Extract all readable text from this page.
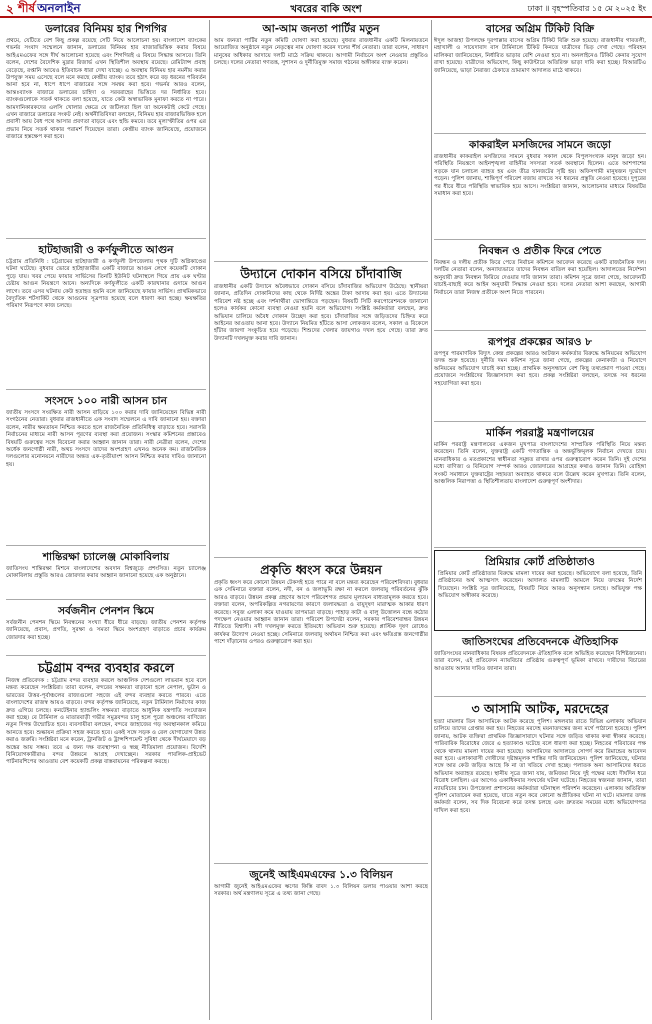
২ শীর্ষ অনলাইন	খবরের বাকি অংশ	ঢাকা ॥ বৃহস্পতিবার ১৫ মে ২০২৫ ইং
ডলারের বিনিময় হার শিগগির

প্রথমে, যেটিতে বেশ কিছু প্রকল্প রয়েছে সেটি নিয়ে আলোচনা হয়। বাংলাদেশ ব্যাংকের গভর্নর সংবাদ সম্মেলনে জানান, ডলারের বিনিময় হার বাজারভিত্তিক করার বিষয়ে আইএমএফের সঙ্গে দীর্ঘ আলোচনা হয়েছে এবং শিগগিরই এ বিষয়ে সিদ্ধান্ত আসবে। তিনি বলেন, দেশের বৈদেশিক মুদ্রার রিজার্ভ এখন স্থিতিশীল অবস্থায় রয়েছে। রেমিট্যান্স প্রবাহ বেড়েছে, রপ্তানি আয়েও ইতিবাচক ধারা দেখা যাচ্ছে। এ অবস্থায় বিনিময় হার নমনীয় করার উপযুক্ত সময় এসেছে বলে মনে করছে কেন্দ্রীয় ব্যাংক। তবে হঠাৎ করে বড় ধরনের পরিবর্তন আনা হবে না, ধাপে ধাপে বাজারের সঙ্গে সমন্বয় করা হবে। গভর্নর আরও বলেন, আন্তঃব্যাংক বাজারে ডলারের চাহিদা ও সরবরাহের ভিত্তিতে দর নির্ধারিত হবে। ব্যাংকগুলোকে সতর্ক থাকতে বলা হয়েছে, যাতে কেউ অস্বাভাবিক মুনাফা করতে না পারে। আমদানিকারকদের এলসি খোলার ক্ষেত্রে যে জটিলতা ছিল তা অনেকটাই কেটে গেছে। এখন বাজারে ডলারের সংকট নেই। অর্থনীতিবিদরা বলছেন, বিনিময় হার বাজারভিত্তিক হলে প্রবাসী আয় বৈধ পথে আসার প্রবণতা বাড়বে এবং হুন্ডি কমবে। তবে মূল্যস্ফীতির ওপর এর প্রভাব নিয়ে সতর্ক থাকার পরামর্শ দিয়েছেন তারা। কেন্দ্রীয় ব্যাংক জানিয়েছে, প্রয়োজনে বাজারে হস্তক্ষেপ করা হবে।

হাটহাজারী ও কর্ণফুলীতে আগুন

চট্টগ্রাম প্রতিনিধি : চট্টগ্রামের হাটহাজারী ও কর্ণফুলী উপজেলায় পৃথক দুটি অগ্নিকাণ্ডের ঘটনা ঘটেছে। বুধবার ভোরে হাটহাজারীর একটি বাজারে আগুন লেগে কয়েকটি দোকান পুড়ে যায়। খবর পেয়ে ফায়ার সার্ভিসের তিনটি ইউনিট ঘটনাস্থলে গিয়ে প্রায় এক ঘণ্টার চেষ্টায় আগুন নিয়ন্ত্রণে আনে। অন্যদিকে কর্ণফুলীতে একটি কারখানার গুদামে আগুন লাগে। তবে এসব ঘটনায় কেউ হতাহত হয়নি বলে জানিয়েছে ফায়ার সার্ভিস। প্রাথমিকভাবে বৈদ্যুতিক শর্টসার্কিট থেকে আগুনের সূত্রপাত হয়েছে বলে ধারণা করা হচ্ছে। ক্ষয়ক্ষতির পরিমাণ নিরূপণে কাজ চলছে।

সংসদে ১০০ নারী আসন চান

জাতীয় সংসদে সংরক্ষিত নারী আসন বাড়িয়ে ১০০ করার দাবি জানিয়েছেন বিভিন্ন নারী সংগঠনের নেতারা। বুধবার রাজধানীতে এক সংবাদ সম্মেলনে এ দাবি জানানো হয়। বক্তারা বলেন, নারীর ক্ষমতায়ন নিশ্চিত করতে হলে রাজনৈতিক প্রতিনিধিত্ব বাড়াতে হবে। সরাসরি নির্বাচনের মাধ্যমে নারী আসন পূরণের ব্যবস্থা করা প্রয়োজন। সংস্কার কমিশনের প্রস্তাবেও বিষয়টি গুরুত্বের সঙ্গে বিবেচনা করার আহ্বান জানান তারা। নারী নেত্রীরা বলেন, দেশের অর্ধেক জনগোষ্ঠী নারী, অথচ সংসদে তাদের অংশগ্রহণ এখনও অনেক কম। রাজনৈতিক দলগুলোর মনোনয়নে নারীদের অন্তত এক-তৃতীয়াংশ আসন নিশ্চিত করার দাবিও জানানো হয়।

শান্তিরক্ষা চ্যালেঞ্জ মোকাবিলায়

জাতিসংঘ শান্তিরক্ষা মিশনে বাংলাদেশের অবদান বিশ্বজুড়ে প্রশংসিত। নতুন চ্যালেঞ্জ মোকাবিলায় প্রস্তুতি আরও জোরদার করার আহ্বান জানানো হয়েছে এক অনুষ্ঠানে।

সর্বজনীন পেনশন স্কিমে

সর্বজনীন পেনশন স্কিমে নিবন্ধনের সংখ্যা ধীরে ধীরে বাড়ছে। জাতীয় পেনশন কর্তৃপক্ষ জানিয়েছে, প্রবাস, প্রগতি, সুরক্ষা ও সমতা স্কিমে অংশগ্রহণ বাড়াতে প্রচার কার্যক্রম জোরদার করা হচ্ছে।

চট্টগ্রাম বন্দর ব্যবহার করলে

নিজস্ব প্রতিবেদক : চট্টগ্রাম বন্দর ব্যবহার করলে আঞ্চলিক দেশগুলো লাভবান হবে বলে মন্তব্য করেছেন সংশ্লিষ্টরা। তারা বলেন, বন্দরের সক্ষমতা বাড়ানো হলে নেপাল, ভুটান ও ভারতের উত্তর-পূর্বাঞ্চলের রাজ্যগুলো সহজে এই বন্দর ব্যবহার করতে পারবে। এতে বাংলাদেশের রাজস্ব আয়ও বাড়বে। বন্দর কর্তৃপক্ষ জানিয়েছে, নতুন টার্মিনাল নির্মাণের কাজ দ্রুত এগিয়ে চলছে। কনটেইনার হ্যান্ডলিং সক্ষমতা বাড়াতে আধুনিক যন্ত্রপাতি সংযোজন করা হচ্ছে। বে টার্মিনাল ও মাতারবাড়ী গভীর সমুদ্রবন্দর চালু হলে পুরো অঞ্চলের বাণিজ্যে নতুন দিগন্ত উন্মোচিত হবে। ব্যবসায়ীরা বলছেন, বন্দরে জাহাজের গড় অবস্থানকাল কমিয়ে আনতে হবে। শুল্কায়ন প্রক্রিয়া সহজ করতে হবে। একই সঙ্গে সড়ক ও রেল যোগাযোগ উন্নত করাও জরুরি। সংশ্লিষ্টরা মনে করেন, ট্রানজিট ও ট্রান্সশিপমেন্ট সুবিধা থেকে দীর্ঘমেয়াদে বড় অঙ্কের আয় সম্ভব। তবে এ জন্য দক্ষ ব্যবস্থাপনা ও স্বচ্ছ নীতিমালা প্রয়োজন। বিদেশি বিনিয়োগকারীরাও বন্দর উন্নয়নে আগ্রহ দেখাচ্ছেন। সরকার পাবলিক-প্রাইভেট পার্টনারশিপের আওতায় বেশ কয়েকটি প্রকল্প বাস্তবায়নের পরিকল্পনা করছে।

আ-আম জনতা পার্টির মতুন

আম জনতা পার্টির নতুন কমিটি ঘোষণা করা হয়েছে। বুধবার রাজধানীর একটি মিলনায়তনে আয়োজিত অনুষ্ঠানে নতুন নেতৃত্বের নাম ঘোষণা করেন দলের শীর্ষ নেতারা। তারা বলেন, সাধারণ মানুষের অধিকার আদায়ে দলটি মাঠে সক্রিয় থাকবে। আগামী নির্বাচনে অংশ নেওয়ার প্রস্তুতিও চলছে। দলের নেতারা গণতন্ত্র, সুশাসন ও দুর্নীতিমুক্ত সমাজ গঠনের অঙ্গীকার ব্যক্ত করেন।

উদ্যানে দোকান বসিয়ে চাঁদাবাজি

রাজধানীর একটি উদ্যানে অবৈধভাবে দোকান বসিয়ে চাঁদাবাজির অভিযোগ উঠেছে। স্থানীয়রা জানান, প্রতিদিন দোকানিদের কাছ থেকে নির্দিষ্ট অঙ্কের টাকা আদায় করা হয়। এতে উদ্যানের পরিবেশ নষ্ট হচ্ছে এবং দর্শনার্থীরা ভোগান্তিতে পড়ছেন। বিষয়টি সিটি করপোরেশনকে জানানো হলেও কার্যকর কোনো ব্যবস্থা নেওয়া হয়নি বলে অভিযোগ। সংশ্লিষ্ট কর্মকর্তারা বলছেন, দ্রুত অভিযান চালিয়ে অবৈধ দোকান উচ্ছেদ করা হবে। চাঁদাবাজির সঙ্গে জড়িতদের চিহ্নিত করে আইনের আওতায় আনা হবে। উদ্যানে নিয়মিত হাঁটতে আসা লোকজন বলেন, সকাল ও বিকেলে হাঁটার জায়গা সংকুচিত হয়ে পড়েছে। শিশুদের খেলার জায়গাও দখল হয়ে গেছে। তারা দ্রুত উদ্যানটি দখলমুক্ত করার দাবি জানান।

প্রকৃতি ধ্বংস করে উন্নয়ন

প্রকৃতি ধ্বংস করে কোনো উন্নয়ন টেকসই হতে পারে না বলে মন্তব্য করেছেন পরিবেশবিদরা। বুধবার এক সেমিনারে বক্তারা বলেন, নদী, বন ও জলাভূমি রক্ষা না করলে জলবায়ু পরিবর্তনের ঝুঁকি আরও বাড়বে। উন্নয়ন প্রকল্প গ্রহণের আগে পরিবেশগত প্রভাব মূল্যায়ন বাধ্যতামূলক করতে হবে। বক্তারা বলেন, অপরিকল্পিত নগরায়ণের কারণে জলাবদ্ধতা ও বায়ুদূষণ মারাত্মক আকার ধারণ করেছে। সবুজ এলাকা কমে যাওয়ায় তাপমাত্রা বাড়ছে। পাহাড় কাটা ও বালু উত্তোলন বন্ধে কঠোর পদক্ষেপ নেওয়ার আহ্বান জানান তারা। পরিবেশ উপদেষ্টা বলেন, সরকার পরিবেশবান্ধব উন্নয়ন নীতিতে বিশ্বাসী। নদী দখলমুক্ত করতে ইতিমধ্যে অভিযান শুরু হয়েছে। প্লাস্টিক দূষণ রোধেও কার্যকর উদ্যোগ নেওয়া হচ্ছে। সেমিনারে জলবায়ু অর্থায়ন নিশ্চিত করা এবং ক্ষতিগ্রস্ত জনগোষ্ঠীর পাশে দাঁড়ানোর ওপরও গুরুত্বারোপ করা হয়।

জুনেই আইএমএফের ১.৩ বিলিয়ন

আগামী জুনেই আইএমএফের ঋণের কিস্তি বাবদ ১.৩ বিলিয়ন ডলার পাওয়ার আশা করছে সরকার। অর্থ মন্ত্রণালয় সূত্রে এ তথ্য জানা গেছে।

বাসের অগ্রিম টিকিট বিক্রি

ঈদুল আজহা উপলক্ষে দূরপাল্লার বাসের অগ্রিম টিকিট বিক্রি শুরু হয়েছে। রাজধানীর গাবতলী, মহাখালী ও সায়েদাবাদ বাস টার্মিনালে টিকিট কিনতে যাত্রীদের ভিড় দেখা গেছে। পরিবহন মালিকরা জানিয়েছেন, নির্ধারিত ভাড়ার বেশি নেওয়া হবে না। অনলাইনেও টিকিট কেনার সুযোগ রাখা হয়েছে। যাত্রীদের অভিযোগ, কিছু কাউন্টারে অতিরিক্ত ভাড়া দাবি করা হচ্ছে। বিআরটিএ জানিয়েছে, ভাড়া নৈরাজ্য ঠেকাতে ভ্রাম্যমাণ আদালত মাঠে থাকবে।

কাকরাইল মসজিদের সামনে জড়ো

রাজধানীর কাকরাইল মসজিদের সামনে বুধবার সকাল থেকে বিপুলসংখ্যক মানুষ জড়ো হন। পরিস্থিতি নিয়ন্ত্রণে আইনশৃঙ্খলা বাহিনীর সদস্যরা সতর্ক অবস্থানে ছিলেন। এতে আশপাশের সড়কে যান চলাচল ব্যাহত হয় এবং তীব্র যানজটের সৃষ্টি হয়। অফিসগামী মানুষজন দুর্ভোগে পড়েন। পুলিশ জানায়, শান্তিপূর্ণ পরিবেশ বজায় রাখতে সব ধরনের প্রস্তুতি নেওয়া হয়েছে। দুপুরের পর ধীরে ধীরে পরিস্থিতি স্বাভাবিক হয়ে আসে। সংশ্লিষ্টরা জানান, আলোচনার মাধ্যমে বিষয়টির সমাধান করা হবে।

নিবন্ধন ও প্রতীক ফিরে পেতে

নিবন্ধন ও দলীয় প্রতীক ফিরে পেতে নির্বাচন কমিশনে আবেদন করেছে একটি রাজনৈতিক দল। দলটির নেতারা বলেন, অন্যায্যভাবে তাদের নিবন্ধন বাতিল করা হয়েছিল। আদালতের নির্দেশনা অনুযায়ী দ্রুত নিবন্ধন ফিরিয়ে দেওয়ার দাবি জানান তারা। কমিশন সূত্রে জানা গেছে, আবেদনটি যাচাই-বাছাই করে আইন অনুযায়ী সিদ্ধান্ত নেওয়া হবে। দলের নেতারা আশা করছেন, আগামী নির্বাচনে তারা নিজস্ব প্রতীকে অংশ নিতে পারবেন।

রূপপুর প্রকল্পের আরও ৮

রূপপুর পারমাণবিক বিদ্যুৎ কেন্দ্র প্রকল্পের আরও আটজন কর্মকর্তার বিরুদ্ধে অনিয়মের অভিযোগ তদন্ত শুরু হয়েছে। দুর্নীতি দমন কমিশন সূত্রে জানা গেছে, প্রকল্পের কেনাকাটা ও নিয়োগে অনিয়মের অভিযোগ যাচাই করা হচ্ছে। প্রাথমিক অনুসন্ধানে বেশ কিছু তথ্যপ্রমাণ পাওয়া গেছে। প্রয়োজনে সংশ্লিষ্টদের জিজ্ঞাসাবাদ করা হবে। প্রকল্প সংশ্লিষ্টরা বলছেন, তদন্তে সব ধরনের সহযোগিতা করা হবে।

মার্কিন পররাষ্ট্র মন্ত্রণালয়ের

মার্কিন পররাষ্ট্র মন্ত্রণালয়ের একজন মুখপাত্র বাংলাদেশের সাম্প্রতিক পরিস্থিতি নিয়ে মন্তব্য করেছেন। তিনি বলেন, যুক্তরাষ্ট্র একটি গণতান্ত্রিক ও অন্তর্ভুক্তিমূলক নির্বাচন দেখতে চায়। মানবাধিকার ও মতপ্রকাশের স্বাধীনতা সমুন্নত রাখার ওপর গুরুত্বারোপ করেন তিনি। দুই দেশের মধ্যে বাণিজ্য ও বিনিয়োগ সম্পর্ক আরও জোরদারের আগ্রহের কথাও জানান তিনি। রোহিঙ্গা সংকট সমাধানে যুক্তরাষ্ট্রের সহায়তা অব্যাহত থাকবে বলে উল্লেখ করেন মুখপাত্র। তিনি বলেন, আঞ্চলিক নিরাপত্তা ও স্থিতিশীলতায় বাংলাদেশ গুরুত্বপূর্ণ অংশীদার।

প্রিমিয়ার কোর্ট প্রতিষ্ঠাতাও

প্রিমিয়ার কোর্ট প্রতিষ্ঠাতার বিরুদ্ধে মামলা দায়ের করা হয়েছে। অভিযোগে বলা হয়েছে, তিনি প্রতিষ্ঠানের অর্থ আত্মসাৎ করেছেন। আদালত মামলাটি আমলে নিয়ে তদন্তের নির্দেশ দিয়েছেন। সংশ্লিষ্ট সূত্র জানিয়েছে, বিষয়টি নিয়ে আরও অনুসন্ধান চলছে। অভিযুক্ত পক্ষ অভিযোগ অস্বীকার করেছে।

জাতিসংঘের প্রতিবেদনকে ঐতিহাসিক

জাতিসংঘের মানবাধিকার বিষয়ক প্রতিবেদনকে ঐতিহাসিক বলে অভিহিত করেছেন বিশিষ্টজনেরা। তারা বলেন, এই প্রতিবেদন ন্যায়বিচার প্রতিষ্ঠায় গুরুত্বপূর্ণ ভূমিকা রাখবে। দায়ীদের বিচারের আওতায় আনার দাবিও জানান তারা।

৩ আসামি আটক, মরদেহের

হত্যা মামলার তিন আসামিকে আটক করেছে পুলিশ। মঙ্গলবার রাতে বিভিন্ন এলাকায় অভিযান চালিয়ে তাদের গ্রেপ্তার করা হয়। নিহতের মরদেহ ময়নাতদন্তের জন্য মর্গে পাঠানো হয়েছে। পুলিশ জানায়, আটক ব্যক্তিরা প্রাথমিক জিজ্ঞাসাবাদে ঘটনার সঙ্গে জড়িত থাকার কথা স্বীকার করেছে। পারিবারিক বিরোধের জেরে এ হত্যাকাণ্ড ঘটেছে বলে ধারণা করা হচ্ছে। নিহতের পরিবারের পক্ষ থেকে থানায় মামলা দায়ের করা হয়েছে। আসামিদের আদালতে সোপর্দ করে রিমান্ডের আবেদন করা হবে। এলাকাবাসী দোষীদের দৃষ্টান্তমূলক শাস্তির দাবি জানিয়েছেন। পুলিশ জানিয়েছে, ঘটনার সঙ্গে আর কেউ জড়িত আছে কি না তা খতিয়ে দেখা হচ্ছে। পলাতক অন্য আসামিদের ধরতে অভিযান অব্যাহত রয়েছে। স্থানীয় সূত্রে জানা যায়, জমিজমা নিয়ে দুই পক্ষের মধ্যে দীর্ঘদিন ধরে বিরোধ চলছিল। এর আগেও একাধিকবার সংঘর্ষের ঘটনা ঘটেছে। নিহতের স্বজনরা জানান, তারা ন্যায়বিচার চান। উপজেলা প্রশাসনের কর্মকর্তারা ঘটনাস্থল পরিদর্শন করেছেন। এলাকায় অতিরিক্ত পুলিশ মোতায়েন করা হয়েছে, যাতে নতুন করে কোনো অপ্রীতিকর ঘটনা না ঘটে। মামলার তদন্ত কর্মকর্তা বলেন, সব দিক বিবেচনা করে তদন্ত চলছে এবং দ্রুততম সময়ের মধ্যে অভিযোগপত্র দাখিল করা হবে।
